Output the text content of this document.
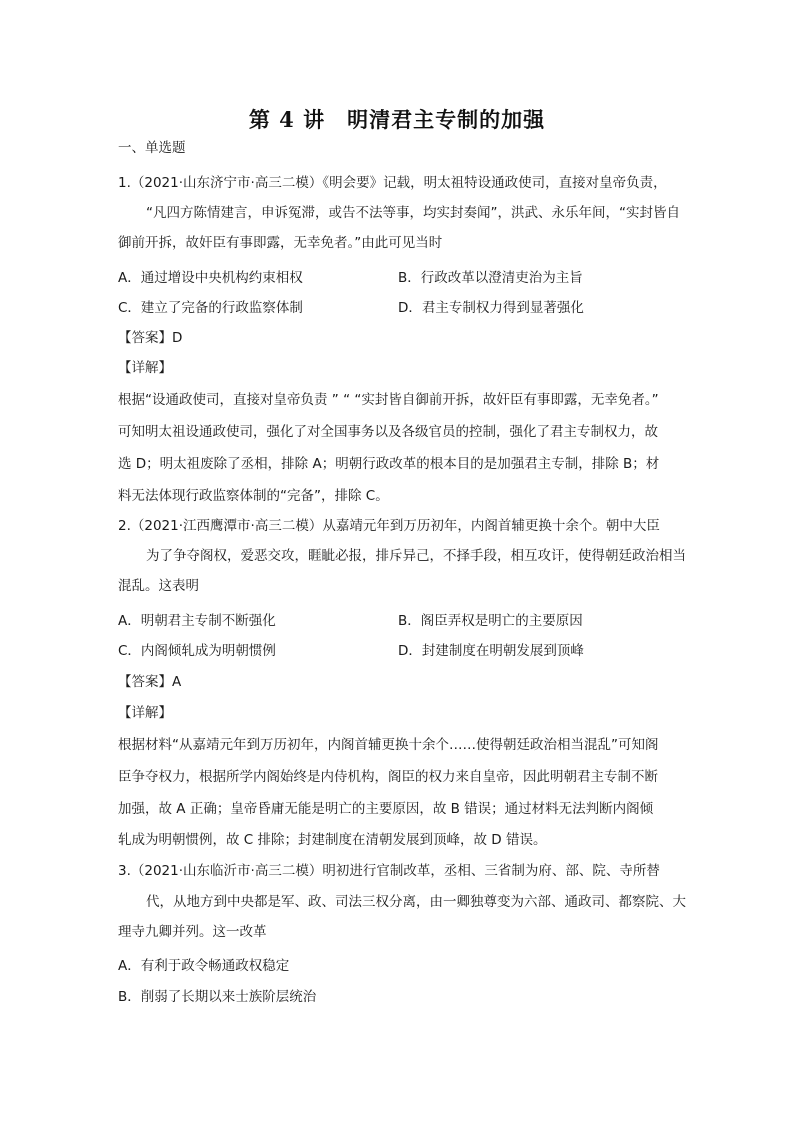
第 4 讲　明清君主专制的加强
一、单选题
1.（2021·山东济宁市·高三二模）《明会要》记载，明太祖特设通政使司，直接对皇帝负责，
“凡四方陈情建言，申诉冤滞，或告不法等事，均实封奏闻”，洪武、永乐年间，“实封皆自
御前开拆，故奸臣有事即露，无幸免者。”由此可见当时
A．通过增设中央机构约束相权	B．行政改革以澄清吏治为主旨
C．建立了完备的行政监察体制	D．君主专制权力得到显著强化
【答案】D
【详解】
根据“设通政使司，直接对皇帝负责 ” “ “实封皆自御前开拆，故奸臣有事即露，无幸免者。”
可知明太祖设通政使司，强化了对全国事务以及各级官员的控制，强化了君主专制权力，故
选 D；明太祖废除了丞相，排除 A；明朝行政改革的根本目的是加强君主专制，排除 B；材
料无法体现行政监察体制的“完备”，排除 C。
2.（2021·江西鹰潭市·高三二模）从嘉靖元年到万历初年，内阁首辅更换十余个。朝中大臣
为了争夺阁权，爱恶交攻，睚眦必报，排斥异己，不择手段，相互攻讦，使得朝廷政治相当
混乱。这表明
A．明朝君主专制不断强化	B．阁臣弄权是明亡的主要原因
C．内阁倾轧成为明朝惯例	D．封建制度在明朝发展到顶峰
【答案】A
【详解】
根据材料“从嘉靖元年到万历初年，内阁首辅更换十余个……使得朝廷政治相当混乱”可知阁
臣争夺权力，根据所学内阁始终是内侍机构，阁臣的权力来自皇帝，因此明朝君主专制不断
加强，故 A 正确；皇帝昏庸无能是明亡的主要原因，故 B 错误；通过材料无法判断内阁倾
轧成为明朝惯例，故 C 排除；封建制度在清朝发展到顶峰，故 D 错误。
3.（2021·山东临沂市·高三二模）明初进行官制改革，丞相、三省制为府、部、院、寺所替
代，从地方到中央都是军、政、司法三权分离，由一卿独尊变为六部、通政司、都察院、大
理寺九卿并列。这一改革
A．有利于政令畅通政权稳定
B．削弱了长期以来士族阶层统治
